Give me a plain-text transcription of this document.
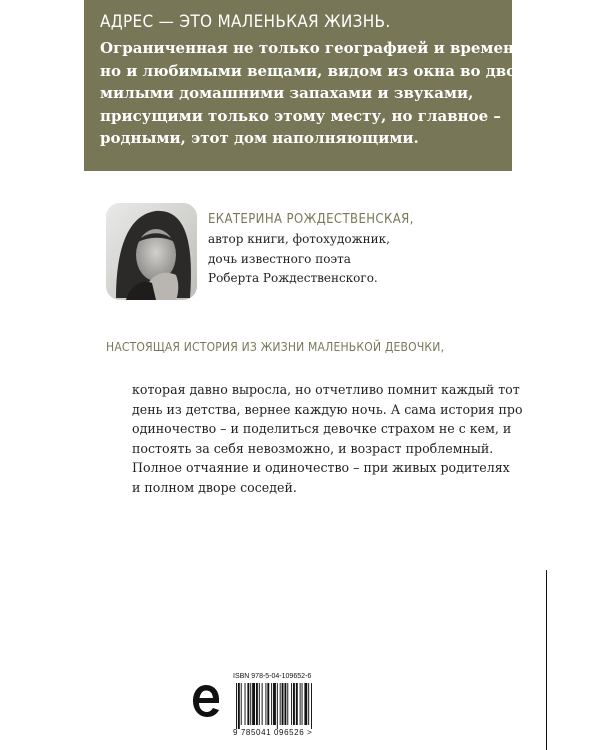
АДРЕС — ЭТО МАЛЕНЬКАЯ ЖИЗНЬ.
Ограниченная не только географией и временем,
но и любимыми вещами, видом из окна во двор,
милыми домашними запахами и звуками,
присущими только этому месту, но главное –
родными, этот дом наполняющими.
ЕКАТЕРИНА РОЖДЕСТВЕНСКАЯ,
автор книги, фотохудожник,
дочь известного поэта
Роберта Рождественского.
НАСТОЯЩАЯ ИСТОРИЯ ИЗ ЖИЗНИ МАЛЕНЬКОЙ ДЕВОЧКИ,
которая давно выросла, но отчетливо помнит каждый тот
день из детства, вернее каждую ночь. А сама история про
одиночество – и поделиться девочке страхом не с кем, и
постоять за себя невозможно, и возраст проблемный.
Полное отчаяние и одиночество – при живых родителях
и полном дворе соседей.
ISBN 978-5-04-109652-6
9 785041 096526 >
